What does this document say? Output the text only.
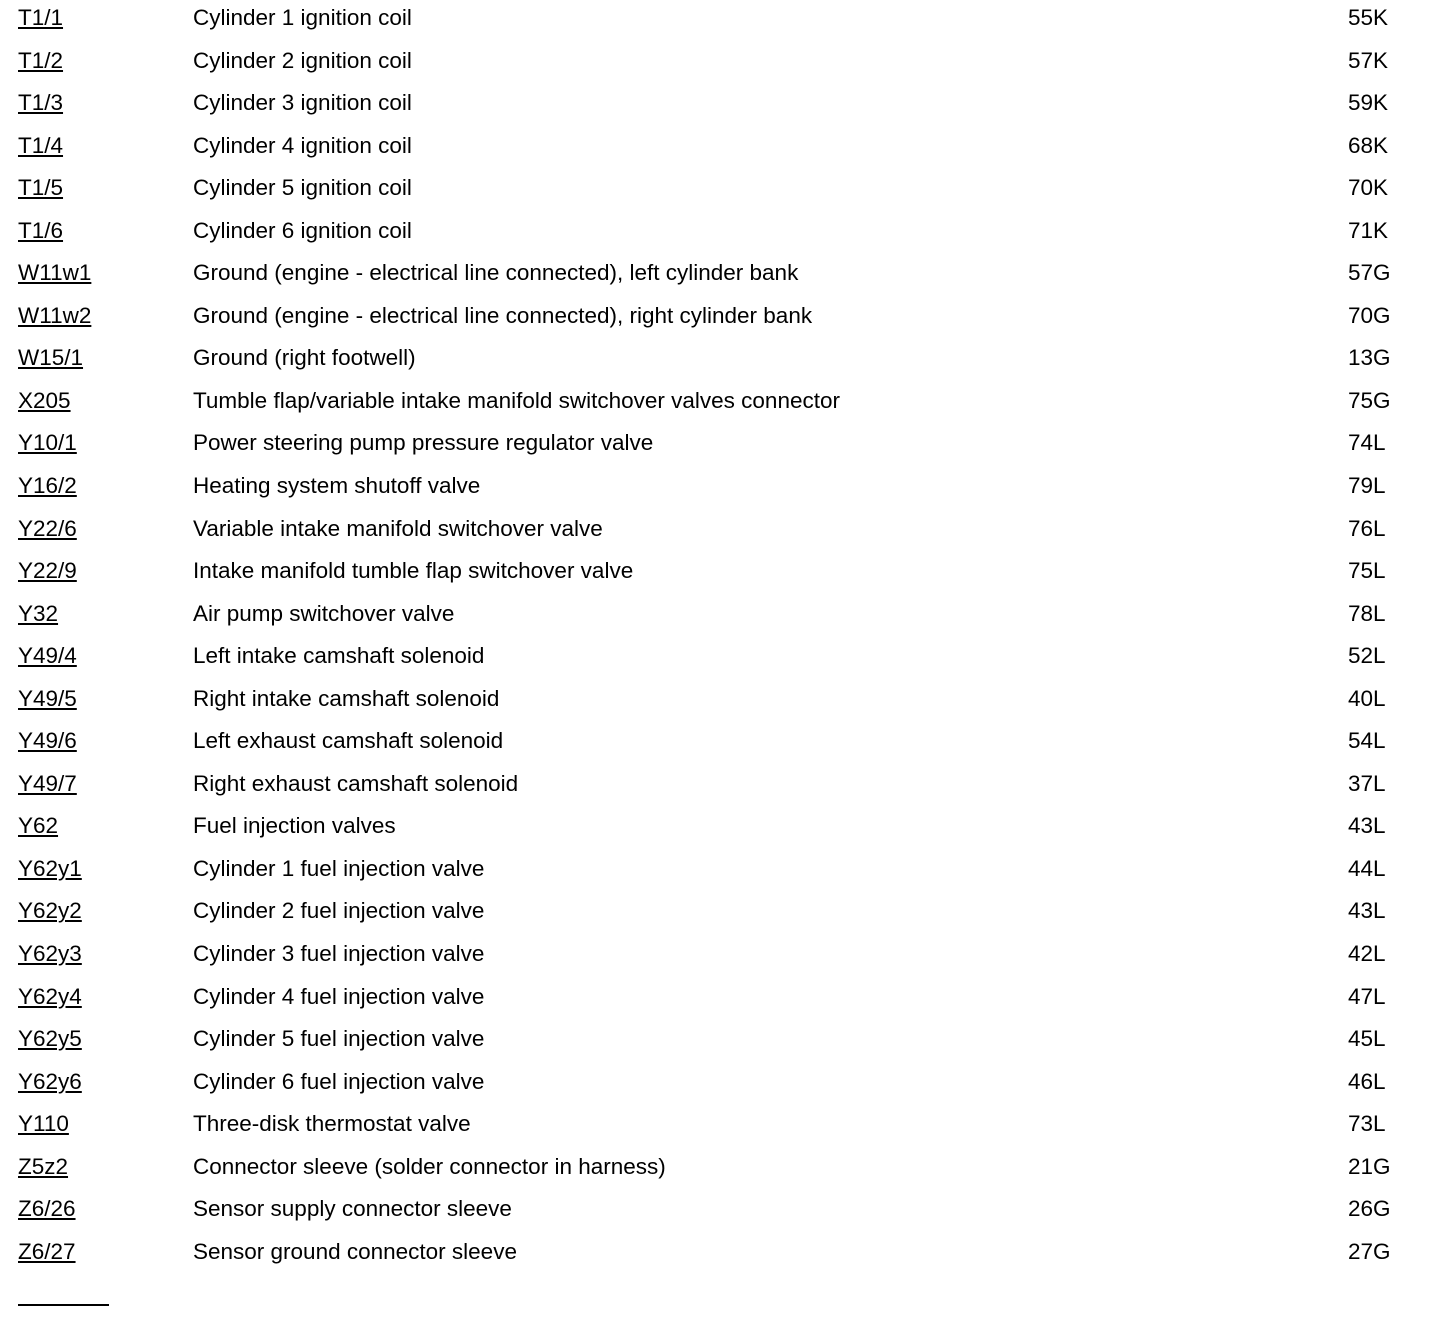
T1/1	Cylinder 1 ignition coil	55K
T1/2	Cylinder 2 ignition coil	57K
T1/3	Cylinder 3 ignition coil	59K
T1/4	Cylinder 4 ignition coil	68K
T1/5	Cylinder 5 ignition coil	70K
T1/6	Cylinder 6 ignition coil	71K
W11w1	Ground (engine - electrical line connected), left cylinder bank	57G
W11w2	Ground (engine - electrical line connected), right cylinder bank	70G
W15/1	Ground (right footwell)	13G
X205	Tumble flap/variable intake manifold switchover valves connector	75G
Y10/1	Power steering pump pressure regulator valve	74L
Y16/2	Heating system shutoff valve	79L
Y22/6	Variable intake manifold switchover valve	76L
Y22/9	Intake manifold tumble flap switchover valve	75L
Y32	Air pump switchover valve	78L
Y49/4	Left intake camshaft solenoid	52L
Y49/5	Right intake camshaft solenoid	40L
Y49/6	Left exhaust camshaft solenoid	54L
Y49/7	Right exhaust camshaft solenoid	37L
Y62	Fuel injection valves	43L
Y62y1	Cylinder 1 fuel injection valve	44L
Y62y2	Cylinder 2 fuel injection valve	43L
Y62y3	Cylinder 3 fuel injection valve	42L
Y62y4	Cylinder 4 fuel injection valve	47L
Y62y5	Cylinder 5 fuel injection valve	45L
Y62y6	Cylinder 6 fuel injection valve	46L
Y110	Three-disk thermostat valve	73L
Z5z2	Connector sleeve (solder connector in harness)	21G
Z6/26	Sensor supply connector sleeve	26G
Z6/27	Sensor ground connector sleeve	27G
